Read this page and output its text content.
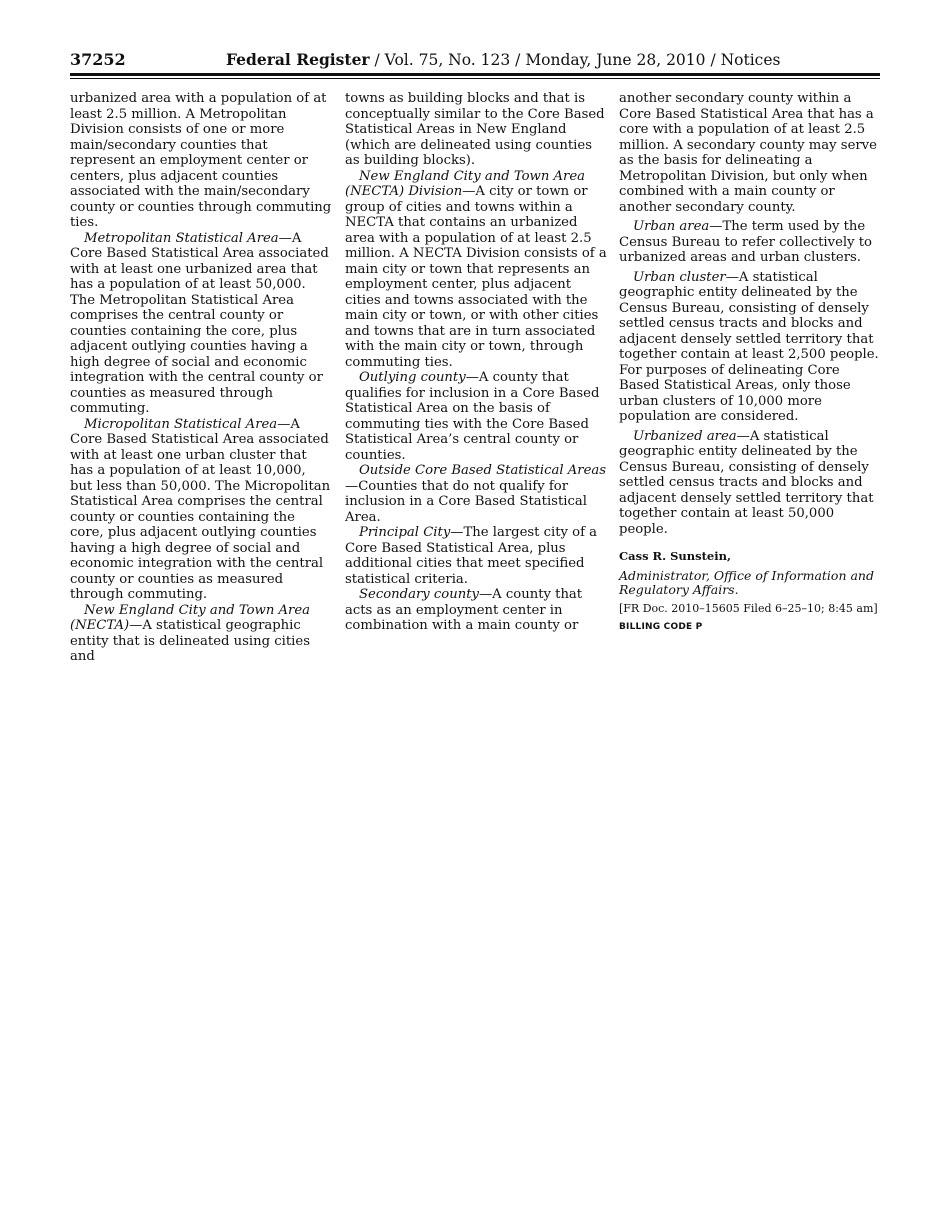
37252	Federal Register / Vol. 75, No. 123 / Monday, June 28, 2010 / Notices

urbanized area with a population of at least 2.5 million. A Metropolitan Division consists of one or more main/secondary counties that represent an employment center or centers, plus adjacent counties associated with the main/secondary county or counties through commuting ties.

Metropolitan Statistical Area—A Core Based Statistical Area associated with at least one urbanized area that has a population of at least 50,000. The Metropolitan Statistical Area comprises the central county or counties containing the core, plus adjacent outlying counties having a high degree of social and economic integration with the central county or counties as measured through commuting.

Micropolitan Statistical Area—A Core Based Statistical Area associated with at least one urban cluster that has a population of at least 10,000, but less than 50,000. The Micropolitan Statistical Area comprises the central county or counties containing the core, plus adjacent outlying counties having a high degree of social and economic integration with the central county or counties as measured through commuting.

New England City and Town Area (NECTA)—A statistical geographic entity that is delineated using cities and

towns as building blocks and that is conceptually similar to the Core Based Statistical Areas in New England (which are delineated using counties as building blocks).

New England City and Town Area (NECTA) Division—A city or town or group of cities and towns within a NECTA that contains an urbanized area with a population of at least 2.5 million. A NECTA Division consists of a main city or town that represents an employment center, plus adjacent cities and towns associated with the main city or town, or with other cities and towns that are in turn associated with the main city or town, through commuting ties.

Outlying county—A county that qualifies for inclusion in a Core Based Statistical Area on the basis of commuting ties with the Core Based Statistical Area’s central county or counties.

Outside Core Based Statistical Areas—Counties that do not qualify for inclusion in a Core Based Statistical Area.

Principal City—The largest city of a Core Based Statistical Area, plus additional cities that meet specified statistical criteria.

Secondary county—A county that acts as an employment center in combination with a main county or

another secondary county within a Core Based Statistical Area that has a core with a population of at least 2.5 million. A secondary county may serve as the basis for delineating a Metropolitan Division, but only when combined with a main county or another secondary county.

Urban area—The term used by the Census Bureau to refer collectively to urbanized areas and urban clusters.

Urban cluster—A statistical geographic entity delineated by the Census Bureau, consisting of densely settled census tracts and blocks and adjacent densely settled territory that together contain at least 2,500 people. For purposes of delineating Core Based Statistical Areas, only those urban clusters of 10,000 more population are considered.

Urbanized area—A statistical geographic entity delineated by the Census Bureau, consisting of densely settled census tracts and blocks and adjacent densely settled territory that together contain at least 50,000 people.

Cass R. Sunstein,
Administrator, Office of Information and Regulatory Affairs.
[FR Doc. 2010–15605 Filed 6–25–10; 8:45 am]
BILLING CODE P
